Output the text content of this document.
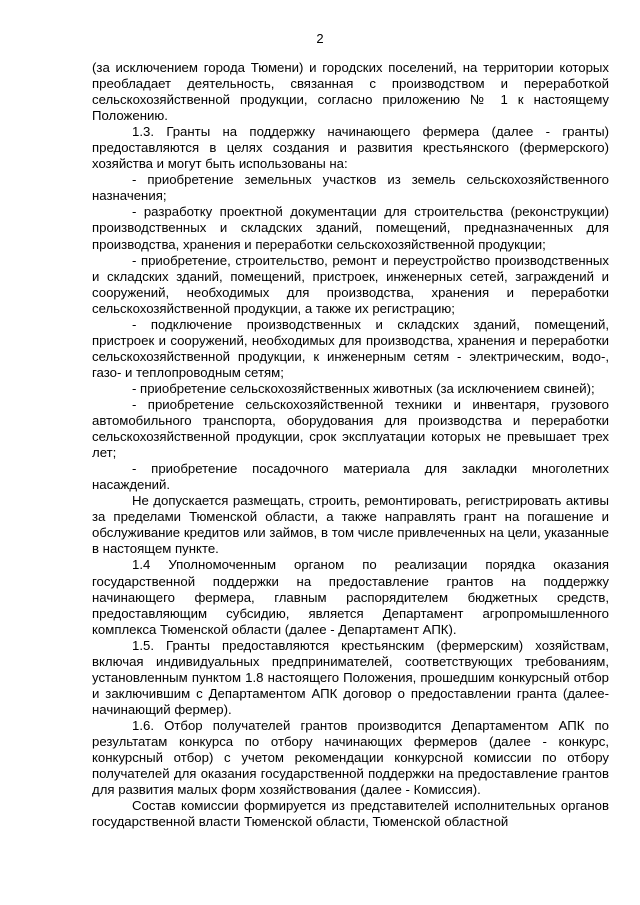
2

(за исключением города Тюмени) и городских поселений, на территории которых преобладает деятельность, связанная с производством и переработкой сельскохозяйственной продукции, согласно приложению № 1 к настоящему Положению.

1.3. Гранты на поддержку начинающего фермера (далее - гранты) предоставляются в целях создания и развития крестьянского (фермерского) хозяйства и могут быть использованы на:

- приобретение земельных участков из земель сельскохозяйственного назначения;

- разработку проектной документации для строительства (реконструкции) производственных и складских зданий, помещений, предназначенных для производства, хранения и переработки сельскохозяйственной продукции;

- приобретение, строительство, ремонт и переустройство производственных и складских зданий, помещений, пристроек, инженерных сетей, заграждений и сооружений, необходимых для производства, хранения и переработки сельскохозяйственной продукции, а также их регистрацию;

- подключение производственных и складских зданий, помещений, пристроек и сооружений, необходимых для производства, хранения и переработки сельскохозяйственной продукции, к инженерным сетям - электрическим, водо-, газо- и теплопроводным сетям;

- приобретение сельскохозяйственных животных (за исключением свиней);

- приобретение сельскохозяйственной техники и инвентаря, грузового автомобильного транспорта, оборудования для производства и переработки сельскохозяйственной продукции, срок эксплуатации которых не превышает трех лет;

- приобретение посадочного материала для закладки многолетних насаждений.

Не допускается размещать, строить, ремонтировать, регистрировать активы за пределами Тюменской области, а также направлять грант на погашение и обслуживание кредитов или займов, в том числе привлеченных на цели, указанные в настоящем пункте.

1.4 Уполномоченным органом по реализации порядка оказания государственной поддержки на предоставление грантов на поддержку начинающего фермера, главным распорядителем бюджетных средств, предоставляющим субсидию, является Департамент агропромышленного комплекса Тюменской области (далее - Департамент АПК).

1.5. Гранты предоставляются крестьянским (фермерским) хозяйствам, включая индивидуальных предпринимателей, соответствующих требованиям, установленным пунктом 1.8 настоящего Положения, прошедшим конкурсный отбор и заключившим с Департаментом АПК договор о предоставлении гранта (далее-начинающий фермер).

1.6. Отбор получателей грантов производится Департаментом АПК по результатам конкурса по отбору начинающих фермеров (далее - конкурс, конкурсный отбор) с учетом рекомендации конкурсной комиссии по отбору получателей для оказания государственной поддержки на предоставление грантов для развития малых форм хозяйствования (далее - Комиссия).

Состав комиссии формируется из представителей исполнительных органов государственной власти Тюменской области, Тюменской областной
